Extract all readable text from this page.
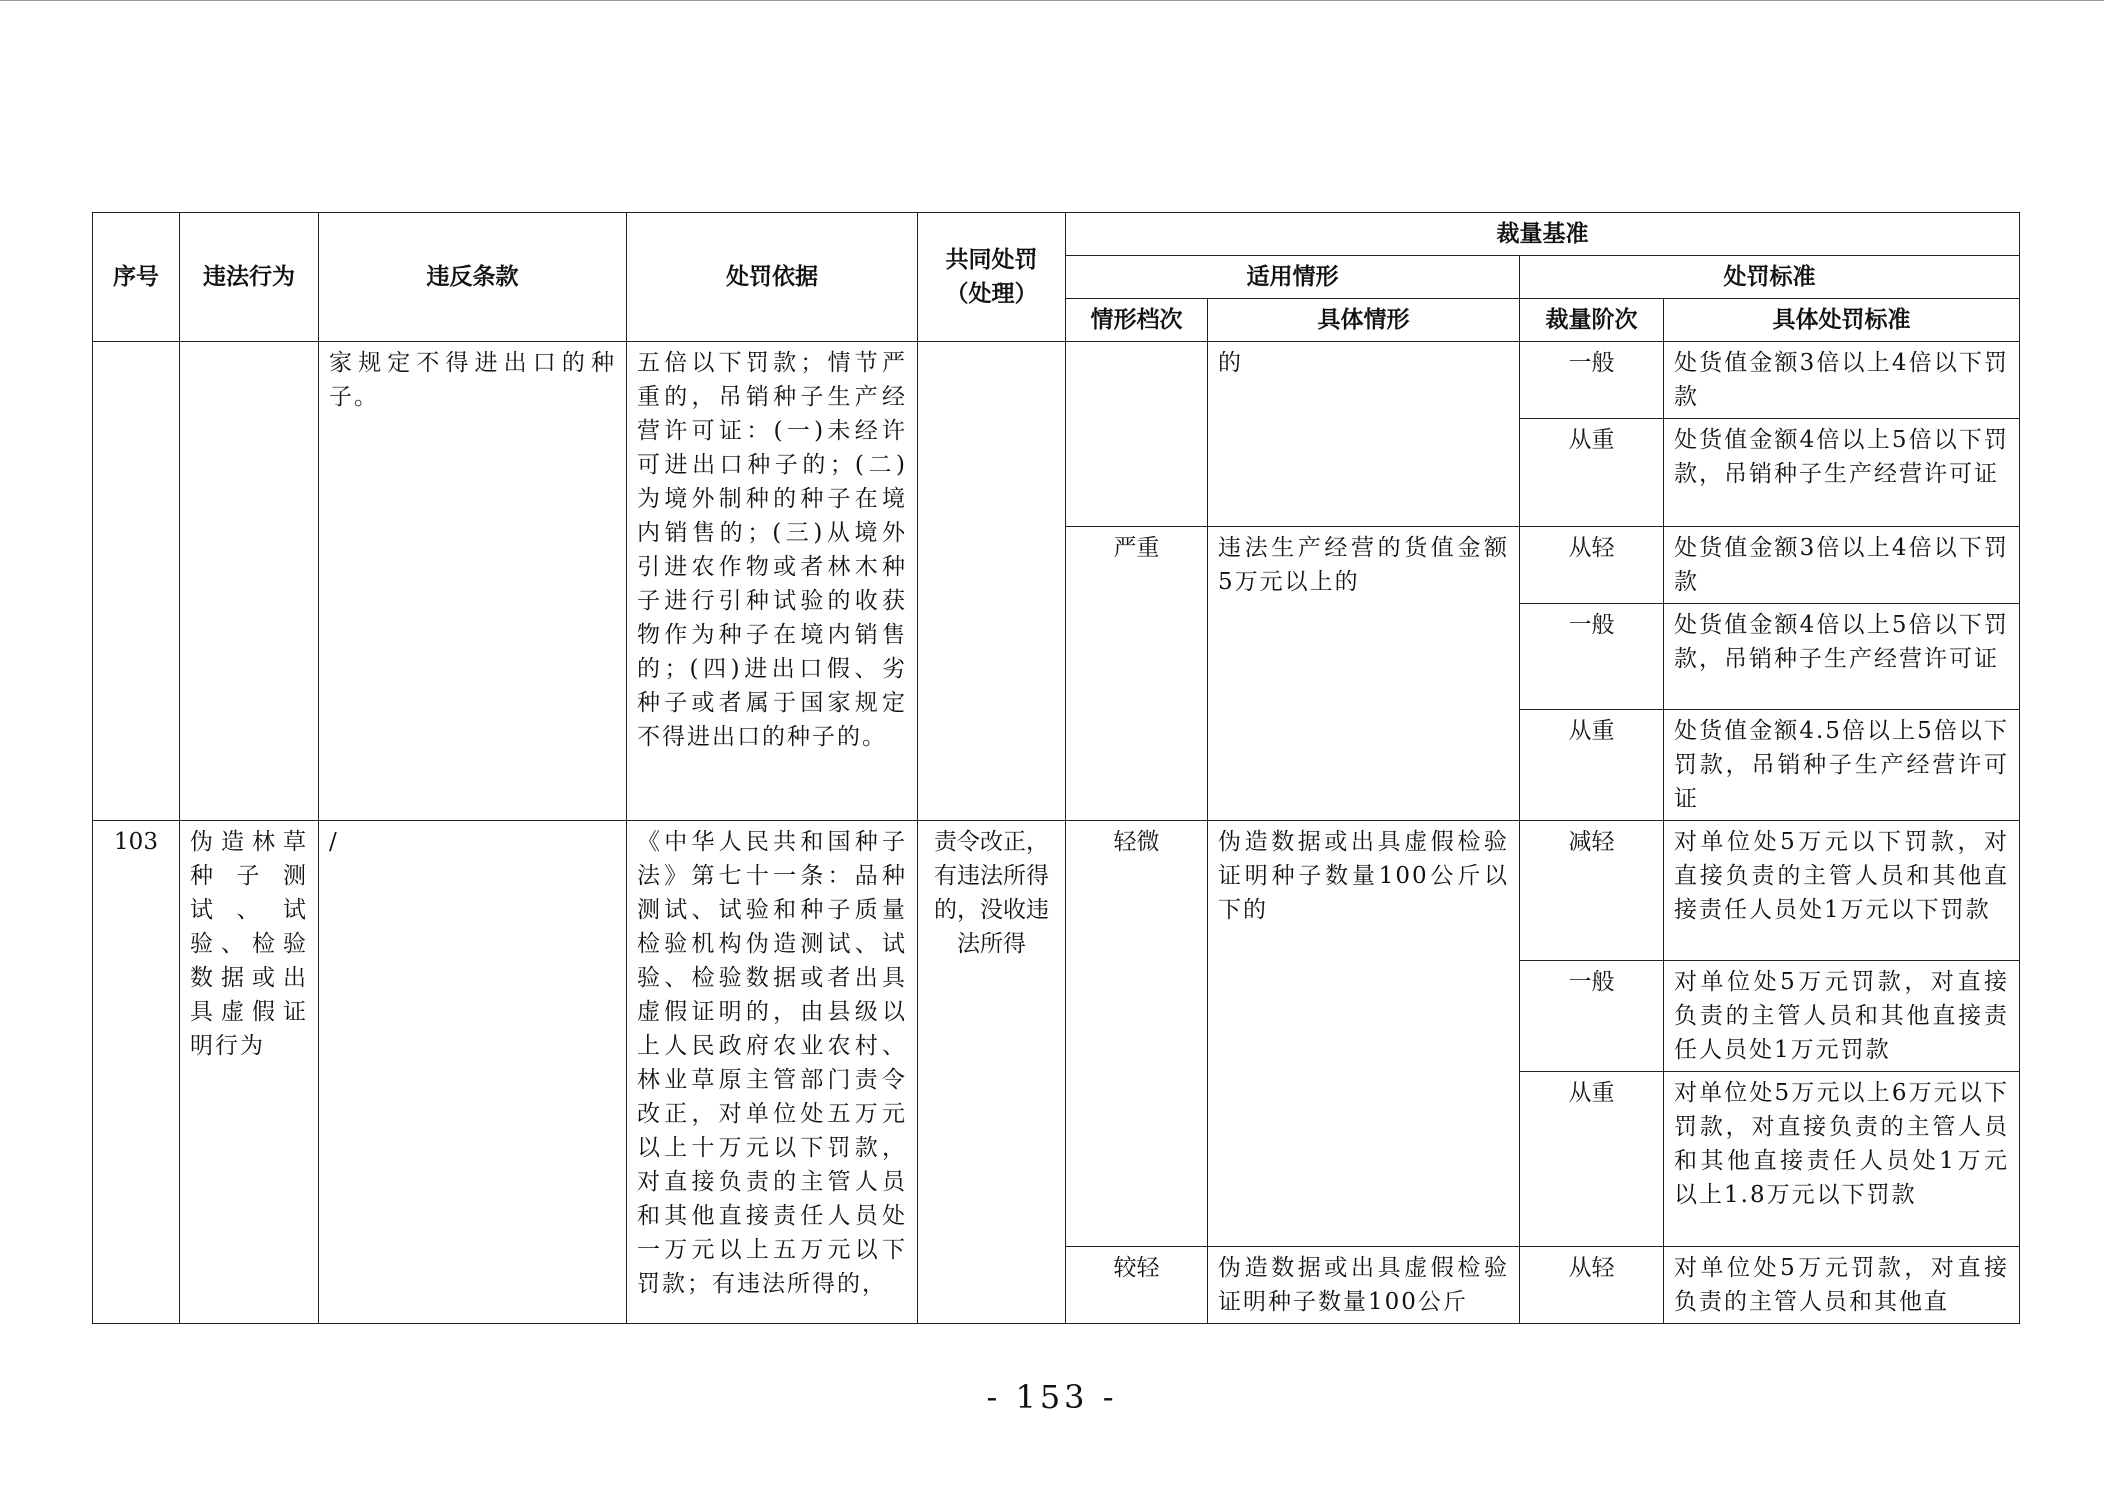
序号	违法行为	违反条款	处罚依据	共同处罚（处理）	裁量基准			
					适用情形		处罚标准	
					情形档次	具体情形	裁量阶次	具体处罚标准
		家规定不得进出口的种子。	五倍以下罚款；情节严重的，吊销种子生产经营许可证：(一)未经许可进出口种子的；(二)为境外制种的种子在境内销售的；(三)从境外引进农作物或者林木种子进行引种试验的收获物作为种子在境内销售的；(四)进出口假、劣种子或者属于国家规定不得进出口的种子的。			的	一般	处货值金额3倍以上4倍以下罚款
							从重	处货值金额4倍以上5倍以下罚款，吊销种子生产经营许可证
					严重	违法生产经营的货值金额5万元以上的	从轻	处货值金额3倍以上4倍以下罚款
							一般	处货值金额4倍以上5倍以下罚款，吊销种子生产经营许可证
							从重	处货值金额4.5倍以上5倍以下罚款，吊销种子生产经营许可证
103	伪造林草种子测试、试验、检验数据或出具虚假证明行为	/	《中华人民共和国种子法》第七十一条：品种测试、试验和种子质量检验机构伪造测试、试验、检验数据或者出具虚假证明的，由县级以上人民政府农业农村、林业草原主管部门责令改正，对单位处五万元以上十万元以下罚款，对直接负责的主管人员和其他直接责任人员处一万元以上五万元以下罚款；有违法所得的，	责令改正，有违法所得的，没收违法所得	轻微	伪造数据或出具虚假检验证明种子数量100公斤以下的	减轻	对单位处5万元以下罚款，对直接负责的主管人员和其他直接责任人员处1万元以下罚款
							一般	对单位处5万元罚款，对直接负责的主管人员和其他直接责任人员处1万元罚款
							从重	对单位处5万元以上6万元以下罚款，对直接负责的主管人员和其他直接责任人员处1万元以上1.8万元以下罚款
					较轻	伪造数据或出具虚假检验证明种子数量100公斤	从轻	对单位处5万元罚款，对直接负责的主管人员和其他直
- 153 -
